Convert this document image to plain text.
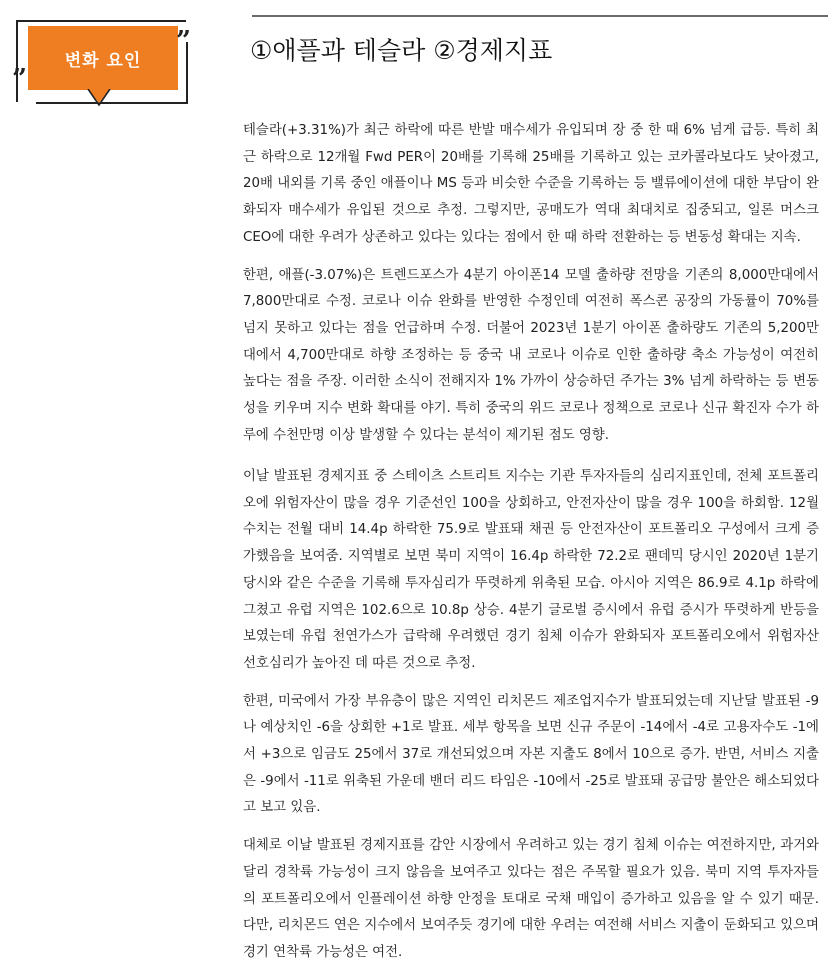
변화 요인
”
”
①애플과 테슬라 ②경제지표

테슬라(+3.31%)가 최근 하락에 따른 반발 매수세가 유입되며 장 중 한 때 6% 넘게 급등. 특히 최근 하락으로 12개월 Fwd PER이 20배를 기록해 25배를 기록하고 있는 코카콜라보다도 낮아졌고, 20배 내외를 기록 중인 애플이나 MS 등과 비슷한 수준을 기록하는 등 밸류에이션에 대한 부담이 완화되자 매수세가 유입된 것으로 추정. 그렇지만, 공매도가 역대 최대치로 집중되고, 일론 머스크 CEO에 대한 우려가 상존하고 있다는 있다는 점에서 한 때 하락 전환하는 등 변동성 확대는 지속.

한편, 애플(-3.07%)은 트렌드포스가 4분기 아이폰14 모델 출하량 전망을 기존의 8,000만대에서 7,800만대로 수정. 코로나 이슈 완화를 반영한 수정인데 여전히 폭스콘 공장의 가동률이 70%를 넘지 못하고 있다는 점을 언급하며 수정. 더불어 2023년 1분기 아이폰 출하량도 기존의 5,200만대에서 4,700만대로 하향 조정하는 등 중국 내 코로나 이슈로 인한 출하량 축소 가능성이 여전히 높다는 점을 주장. 이러한 소식이 전해지자 1% 가까이 상승하던 주가는 3% 넘게 하락하는 등 변동성을 키우며 지수 변화 확대를 야기. 특히 중국의 위드 코로나 정책으로 코로나 신규 확진자 수가 하루에 수천만명 이상 발생할 수 있다는 분석이 제기된 점도 영향.

이날 발표된 경제지표 중 스테이츠 스트리트 지수는 기관 투자자들의 심리지표인데, 전체 포트폴리오에 위험자산이 많을 경우 기준선인 100을 상회하고, 안전자산이 많을 경우 100을 하회함. 12월 수치는 전월 대비 14.4p 하락한 75.9로 발표돼 채권 등 안전자산이 포트폴리오 구성에서 크게 증가했음을 보여줌. 지역별로 보면 북미 지역이 16.4p 하락한 72.2로 팬데믹 당시인 2020년 1분기 당시와 같은 수준을 기록해 투자심리가 뚜렷하게 위축된 모습. 아시아 지역은 86.9로 4.1p 하락에 그쳤고 유럽 지역은 102.6으로 10.8p 상승. 4분기 글로벌 증시에서 유럽 증시가 뚜렷하게 반등을 보였는데 유럽 천연가스가 급락해 우려했던 경기 침체 이슈가 완화되자 포트폴리오에서 위험자산 선호심리가 높아진 데 따른 것으로 추정.

한편, 미국에서 가장 부유층이 많은 지역인 리치몬드 제조업지수가 발표되었는데 지난달 발표된 -9나 예상치인 -6을 상회한 +1로 발표. 세부 항목을 보면 신규 주문이 -14에서 -4로 고용자수도 -1에서 +3으로 임금도 25에서 37로 개선되었으며 자본 지출도 8에서 10으로 증가. 반면, 서비스 지출은 -9에서 -11로 위축된 가운데 밴더 리드 타임은 -10에서 -25로 발표돼 공급망 불안은 해소되었다고 보고 있음.

대체로 이날 발표된 경제지표를 감안 시장에서 우려하고 있는 경기 침체 이슈는 여전하지만, 과거와 달리 경착륙 가능성이 크지 않음을 보여주고 있다는 점은 주목할 필요가 있음. 북미 지역 투자자들의 포트폴리오에서 인플레이션 하향 안정을 토대로 국채 매입이 증가하고 있음을 알 수 있기 때문. 다만, 리치몬드 연은 지수에서 보여주듯 경기에 대한 우려는 여전해 서비스 지출이 둔화되고 있으며 경기 연착륙 가능성은 여전.
